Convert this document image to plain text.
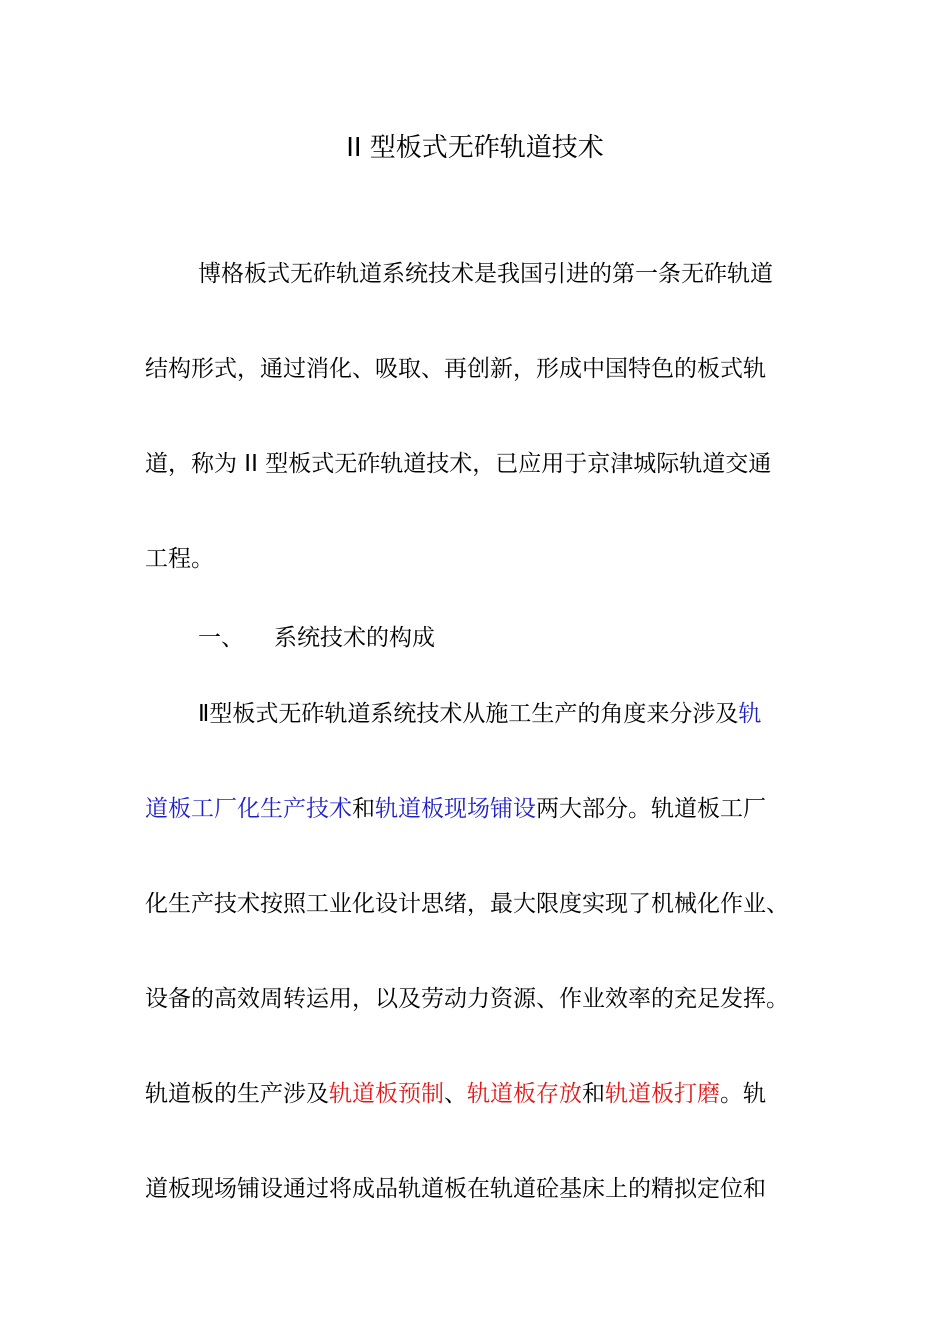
II 型板式无砟轨道技术
博格板式无砟轨道系统技术是我国引进的第一条无砟轨道
结构形式，通过消化、吸取、再创新，形成中国特色的板式轨
道，称为 II 型板式无砟轨道技术，已应用于京津城际轨道交通
工程。
一、 系统技术的构成
Ⅱ型板式无砟轨道系统技术从施工生产的角度来分涉及轨
道板工厂化生产技术和轨道板现场铺设两大部分。轨道板工厂
化生产技术按照工业化设计思绪，最大限度实现了机械化作业、
设备的高效周转运用，以及劳动力资源、作业效率的充足发挥。
轨道板的生产涉及轨道板预制、轨道板存放和轨道板打磨。轨
道板现场铺设通过将成品轨道板在轨道砼基床上的精拟定位和
